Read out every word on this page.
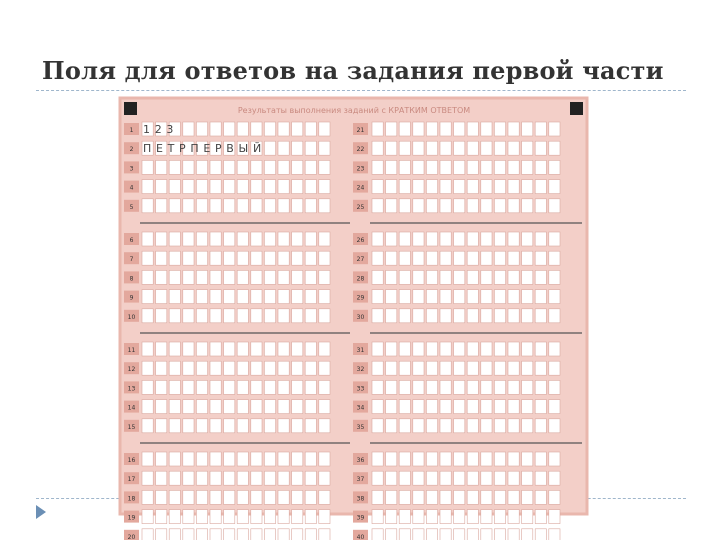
Поля для ответов на задания первой части
Результаты выполнения заданий с КРАТКИМ ОТВЕТОМ
1
2
3
4
5
6
7
8
9
10
11
12
13
14
15
16
17
18
19
20
21
22
23
24
25
26
27
28
29
30
31
32
33
34
35
36
37
38
39
40
1 2 3
П Е Т Р П Е Р В Ы Й
